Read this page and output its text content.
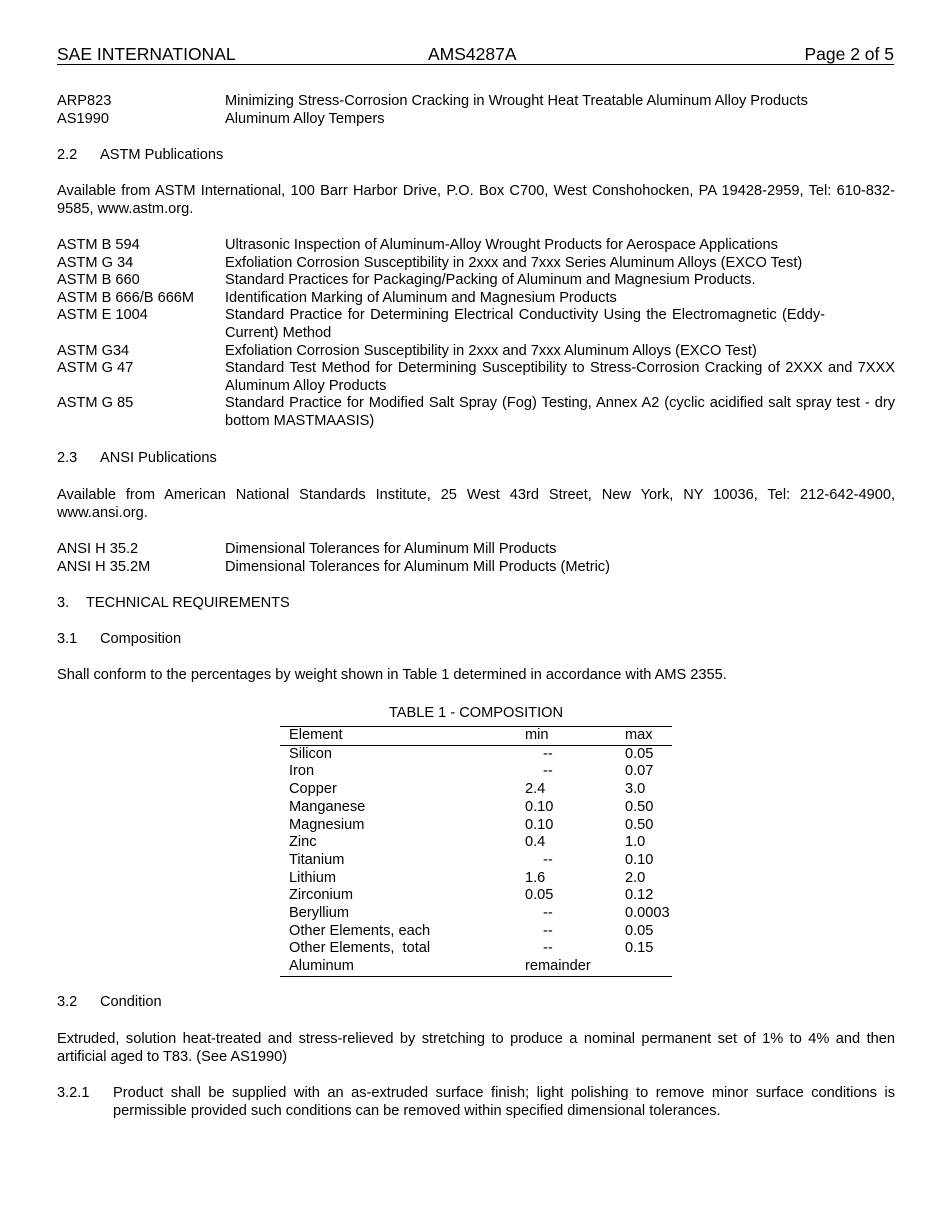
SAE INTERNATIONAL	AMS4287A	Page 2 of 5
ARP823	Minimizing Stress-Corrosion Cracking in Wrought Heat Treatable Aluminum Alloy Products
AS1990	Aluminum Alloy Tempers
2.2 ASTM Publications
Available from ASTM International, 100 Barr Harbor Drive, P.O. Box C700, West Conshohocken, PA 19428-2959, Tel: 610-832-9585, www.astm.org.
ASTM B 594	Ultrasonic Inspection of Aluminum-Alloy Wrought Products for Aerospace Applications
ASTM G 34	Exfoliation Corrosion Susceptibility in 2xxx and 7xxx Series Aluminum Alloys (EXCO Test)
ASTM B 660	Standard Practices for Packaging/Packing of Aluminum and Magnesium Products.
ASTM B 666/B 666M Identification Marking of Aluminum and Magnesium Products
ASTM E 1004	Standard Practice for Determining Electrical Conductivity Using the Electromagnetic (Eddy-Current) Method
ASTM G34	Exfoliation Corrosion Susceptibility in 2xxx and 7xxx Aluminum Alloys (EXCO Test)
ASTM G 47	Standard Test Method for Determining Susceptibility to Stress-Corrosion Cracking of 2XXX and 7XXX Aluminum Alloy Products
ASTM G 85	Standard Practice for Modified Salt Spray (Fog) Testing, Annex A2 (cyclic acidified salt spray test - dry bottom MASTMAASIS)
2.3 ANSI Publications
Available from American National Standards Institute, 25 West 43rd Street, New York, NY 10036, Tel: 212-642-4900, www.ansi.org.
ANSI H 35.2	Dimensional Tolerances for Aluminum Mill Products
ANSI H 35.2M	Dimensional Tolerances for Aluminum Mill Products (Metric)
3. TECHNICAL REQUIREMENTS
3.1 Composition
Shall conform to the percentages by weight shown in Table 1 determined in accordance with AMS 2355.
TABLE 1 - COMPOSITION
Element	min	max
Silicon	--	0.05
Iron	--	0.07
Copper	2.4	3.0
Manganese	0.10	0.50
Magnesium	0.10	0.50
Zinc	0.4	1.0
Titanium	--	0.10
Lithium	1.6	2.0
Zirconium	0.05	0.12
Beryllium	--	0.0003
Other Elements, each	--	0.05
Other Elements,  total	--	0.15
Aluminum	remainder	
3.2 Condition
Extruded, solution heat-treated and stress-relieved by stretching to produce a nominal permanent set of 1% to 4% and then artificial aged to T83. (See AS1990)
3.2.1 Product shall be supplied with an as-extruded surface finish; light polishing to remove minor surface conditions is permissible provided such conditions can be removed within specified dimensional tolerances.
